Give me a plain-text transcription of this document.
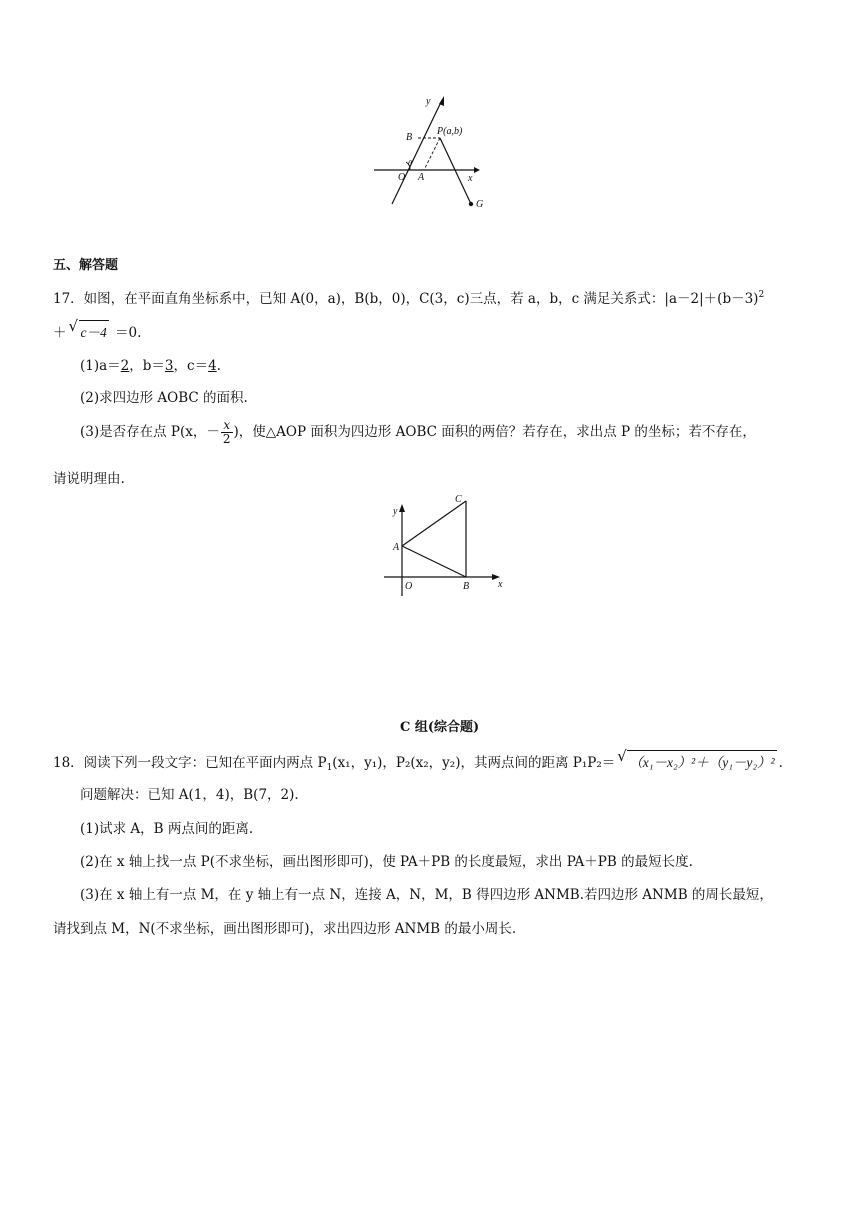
y
x
B
P(a,b)
O A
θ
G
五、解答题
17．如图，在平面直角坐标系中，已知 A(0，a)，B(b，0)，C(3，c)三点，若 a，b，c 满足关系式：$|a-2|+(b-3)^2$
＋ √ c－4 ＝0.
(1)a＝2，b＝3，c＝4.
(2)求四边形 AOBC 的面积.
(3)是否存在点 P(x，－ $\frac{x}{2}$ )，使△AOP 面积为四边形 AOBC 面积的两倍？若存在，求出点 P 的坐标；若不存在，
请说明理由.
C
y
A
O	B	x
C 组(综合题)
18．阅读下列一段文字：已知在平面内两点 $P_1(x_1$，y₁)，P₂(x₂，y₂)，其两点间的距离 P₁P₂＝ √ （x₁－x₂）²＋（y₁－y₂）² .
问题解决：已知 A(1，4)，B(7，2).
(1)试求 A，B 两点间的距离.
(2)在 x 轴上找一点 P(不求坐标，画出图形即可)，使 PA＋PB 的长度最短，求出 PA＋PB 的最短长度.
(3)在 x 轴上有一点 M，在 y 轴上有一点 N，连接 A，N，M，B 得四边形 ANMB.若四边形 ANMB 的周长最短，
请找到点 M，N(不求坐标，画出图形即可)，求出四边形 ANMB 的最小周长.
